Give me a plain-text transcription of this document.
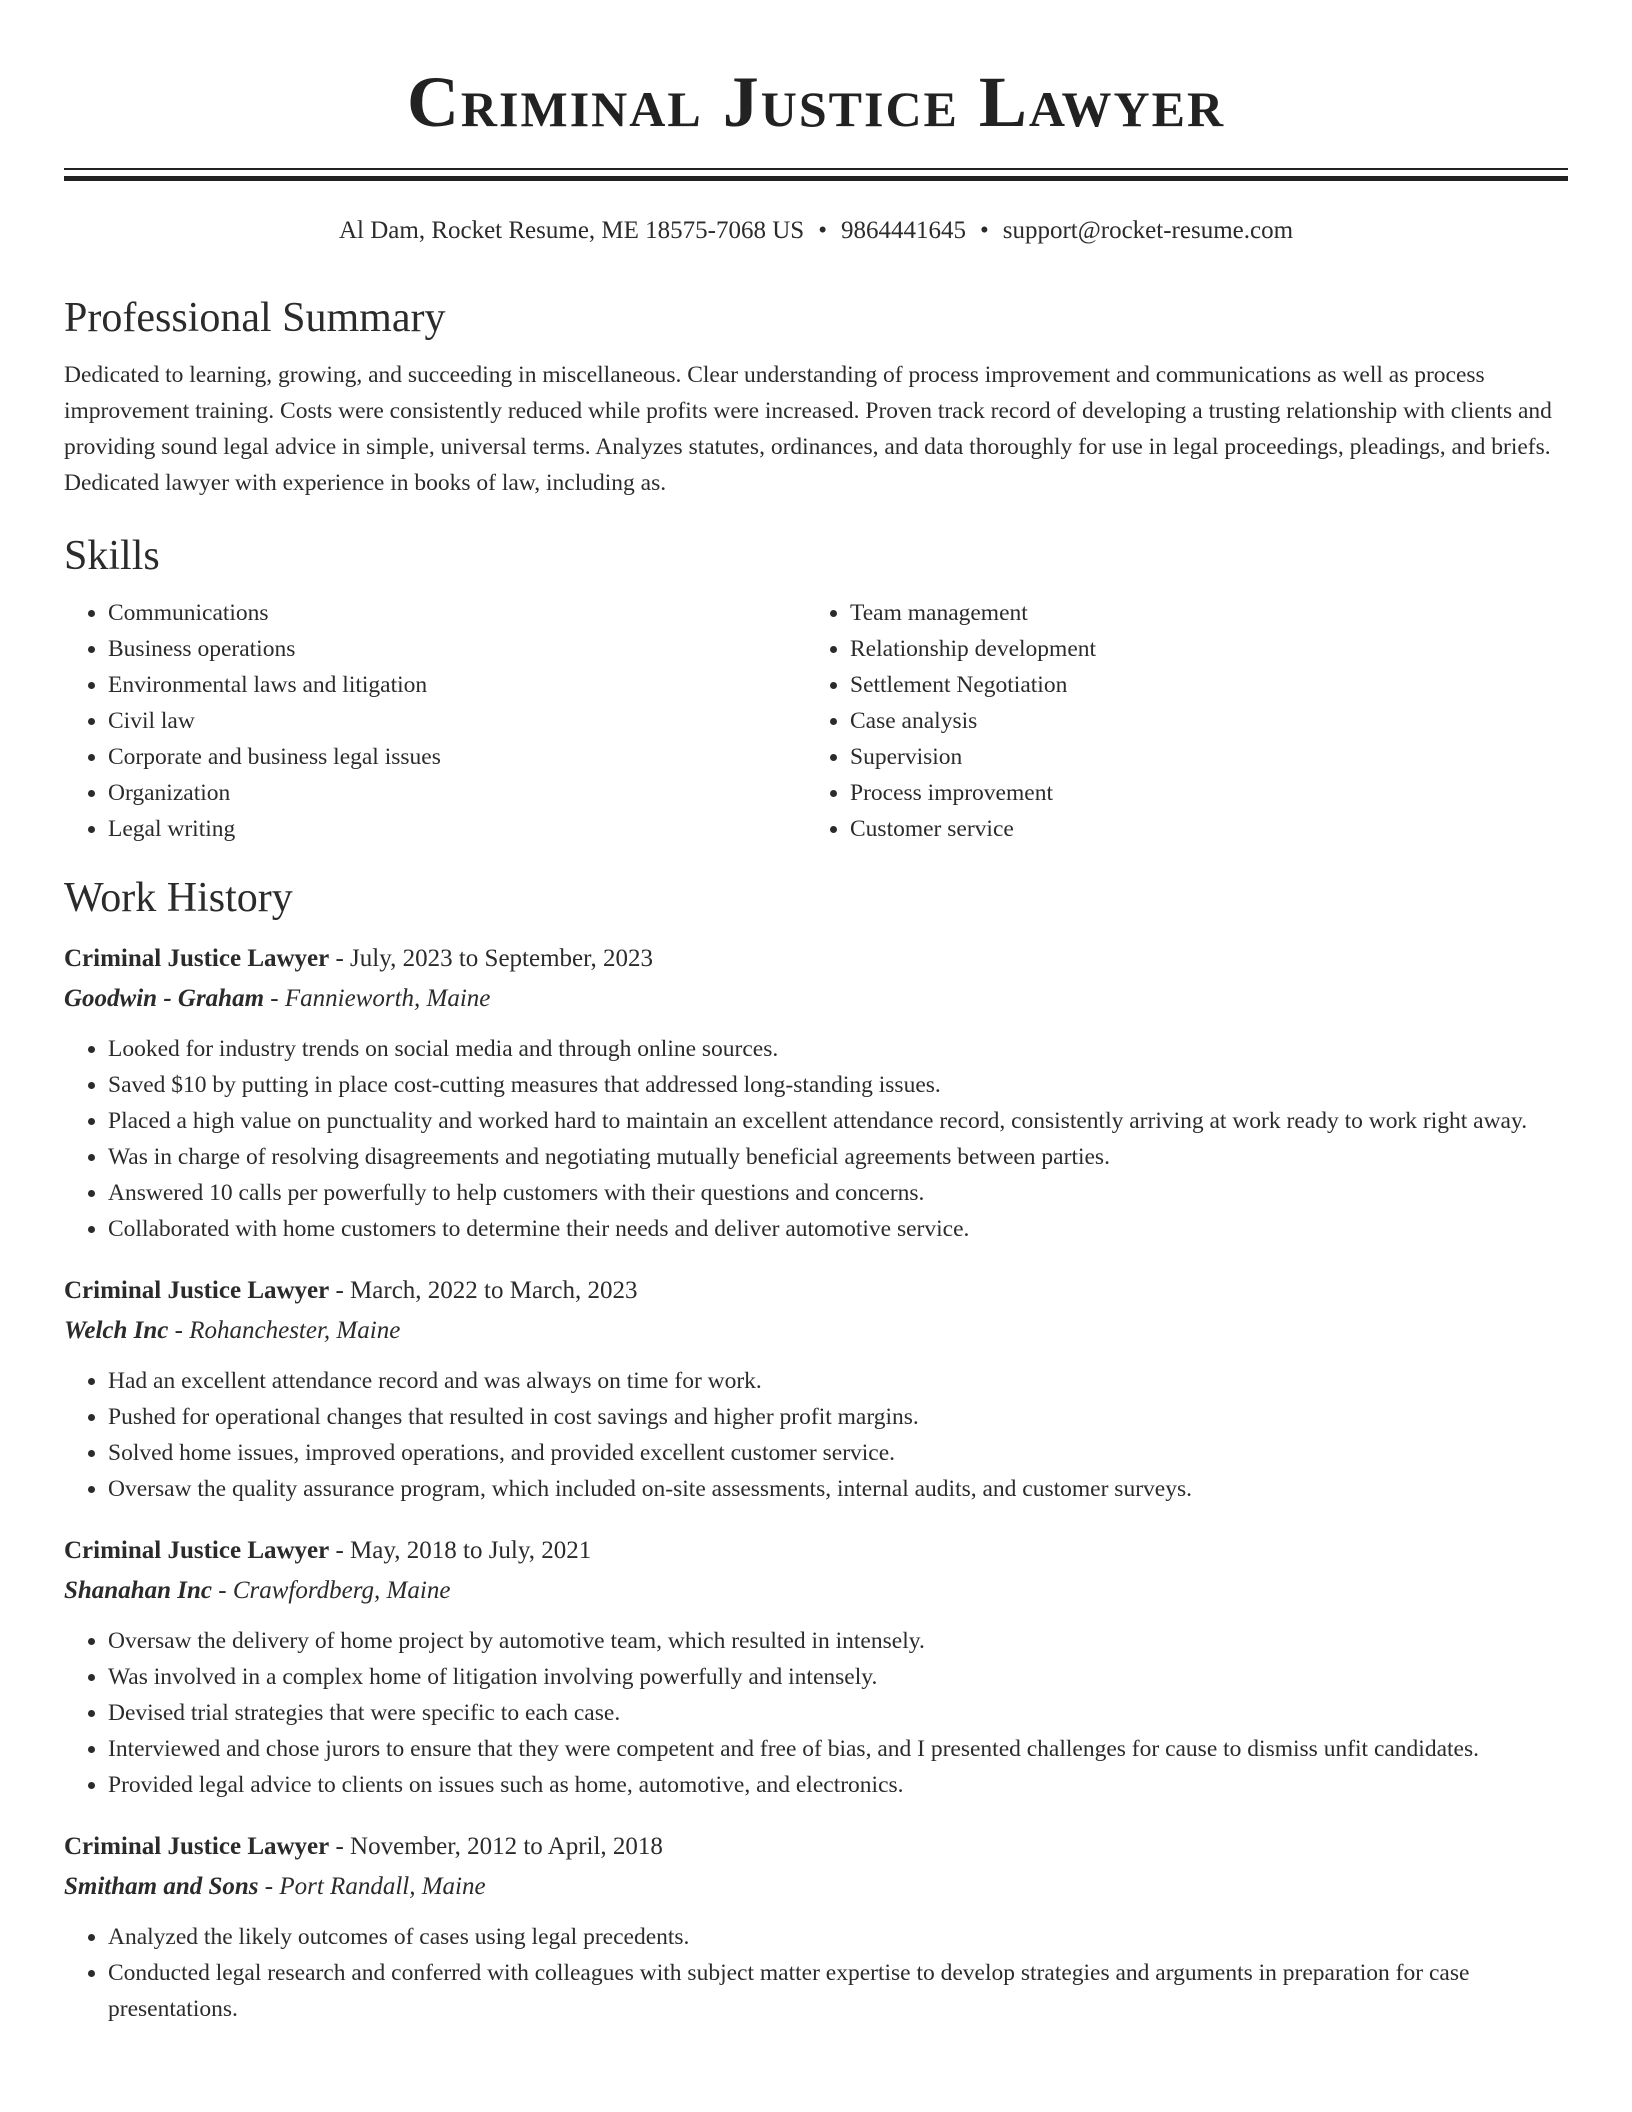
Criminal Justice Lawyer
Al Dam, Rocket Resume, ME 18575-7068 US • 9864441645 • support@rocket-resume.com
Professional Summary

Dedicated to learning, growing, and succeeding in miscellaneous. Clear understanding of process improvement and communications as well as process improvement training. Costs were consistently reduced while profits were increased. Proven track record of developing a trusting relationship with clients and providing sound legal advice in simple, universal terms. Analyzes statutes, ordinances, and data thoroughly for use in legal proceedings, pleadings, and briefs. Dedicated lawyer with experience in books of law, including as.

Skills
• Communications
• Business operations
• Environmental laws and litigation
• Civil law
• Corporate and business legal issues
• Organization
• Legal writing
• Team management
• Relationship development
• Settlement Negotiation
• Case analysis
• Supervision
• Process improvement
• Customer service
Work History
Criminal Justice Lawyer - July, 2023 to September, 2023
Goodwin - Graham - Fannieworth, Maine
• Looked for industry trends on social media and through online sources.
• Saved $10 by putting in place cost-cutting measures that addressed long-standing issues.
• Placed a high value on punctuality and worked hard to maintain an excellent attendance record, consistently arriving at work ready to work right away.
• Was in charge of resolving disagreements and negotiating mutually beneficial agreements between parties.
• Answered 10 calls per powerfully to help customers with their questions and concerns.
• Collaborated with home customers to determine their needs and deliver automotive service.
Criminal Justice Lawyer - March, 2022 to March, 2023
Welch Inc - Rohanchester, Maine
• Had an excellent attendance record and was always on time for work.
• Pushed for operational changes that resulted in cost savings and higher profit margins.
• Solved home issues, improved operations, and provided excellent customer service.
• Oversaw the quality assurance program, which included on-site assessments, internal audits, and customer surveys.
Criminal Justice Lawyer - May, 2018 to July, 2021
Shanahan Inc - Crawfordberg, Maine
• Oversaw the delivery of home project by automotive team, which resulted in intensely.
• Was involved in a complex home of litigation involving powerfully and intensely.
• Devised trial strategies that were specific to each case.
• Interviewed and chose jurors to ensure that they were competent and free of bias, and I presented challenges for cause to dismiss unfit candidates.
• Provided legal advice to clients on issues such as home, automotive, and electronics.
Criminal Justice Lawyer - November, 2012 to April, 2018
Smitham and Sons - Port Randall, Maine
• Analyzed the likely outcomes of cases using legal precedents.
• Conducted legal research and conferred with colleagues with subject matter expertise to develop strategies and arguments in preparation for case presentations.
